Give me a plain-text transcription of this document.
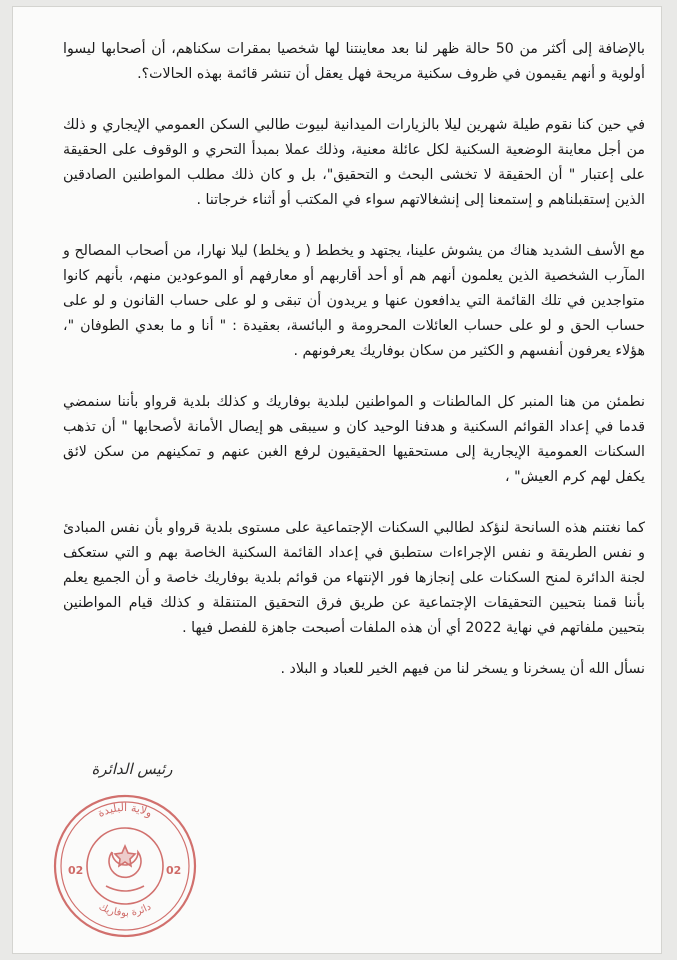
بالإضافة إلى أكثر من 50 حالة ظهر لنا بعد معاينتنا لها شخصيا بمقرات سكناهم، أن أصحابها ليسوا أولوية و أنهم يقيمون في ظروف سكنية مريحة فهل يعقل أن تنشر قائمة بهذه الحالات؟.

في حين كنا نقوم طيلة شهرين ليلا بالزيارات الميدانية لبيوت طالبي السكن العمومي الإيجاري و ذلك من أجل معاينة الوضعية السكنية لكل عائلة معنية، وذلك عملا بمبدأ التحري و الوقوف على الحقيقة على إعتبار " أن الحقيقة لا تخشى البحث و التحقيق"، بل و كان ذلك مطلب المواطنين الصادقين الذين إستقبلناهم و إستمعنا إلى إنشغالاتهم سواء في المكتب أو أثناء خرجاتنا .

مع الأسف الشديد هناك من يشوش علينا، يجتهد و يخطط ( و يخلط) ليلا نهارا، من أصحاب المصالح و المآرب الشخصية الذين يعلمون أنهم هم أو أحد أقاربهم أو معارفهم أو الموعودين منهم، بأنهم كانوا متواجدين في تلك القائمة التي يدافعون عنها و يريدون أن تبقى و لو على حساب القانون و لو على حساب الحق و لو على حساب العائلات المحرومة و البائسة، بعقيدة : " أنا و ما بعدي الطوفان "، هؤلاء يعرفون أنفسهم و الكثير من سكان بوفاريك يعرفونهم .

نطمئن من هنا المنبر كل المالطنات و المواطنين لبلدية بوفاريك و كذلك بلدية قرواو بأننا سنمضي قدما في إعداد القوائم السكنية و هدفنا الوحيد كان و سيبقى هو إيصال الأمانة لأصحابها " أن تذهب السكنات العمومية الإيجارية إلى مستحقيها الحقيقيون لرفع الغبن عنهم و تمكينهم من سكن لائق يكفل لهم كرم العيش" ،

كما نغتنم هذه السانحة لنؤكد لطالبي السكنات الإجتماعية على مستوى بلدية قرواو بأن نفس المبادئ و نفس الطريقة و نفس الإجراءات ستطبق في إعداد القائمة السكنية الخاصة بهم و التي ستعكف لجنة الدائرة لمنح السكنات على إنجازها فور الإنتهاء من قوائم بلدية بوفاريك خاصة و أن الجميع يعلم بأننا قمنا بتحيين التحقيقات الإجتماعية عن طريق فرق التحقيق المتنقلة و كذلك قيام المواطنين بتحيين ملفاتهم في نهاية 2022 أي أن هذه الملفات أصبحت جاهزة للفصل فيها .

نسأل الله أن يسخرنا و يسخر لنا من فيهم الخير للعباد و البلاد .

رئيس الدائرة
ولاية البليدة
دائرة بوفاريك
02	02
